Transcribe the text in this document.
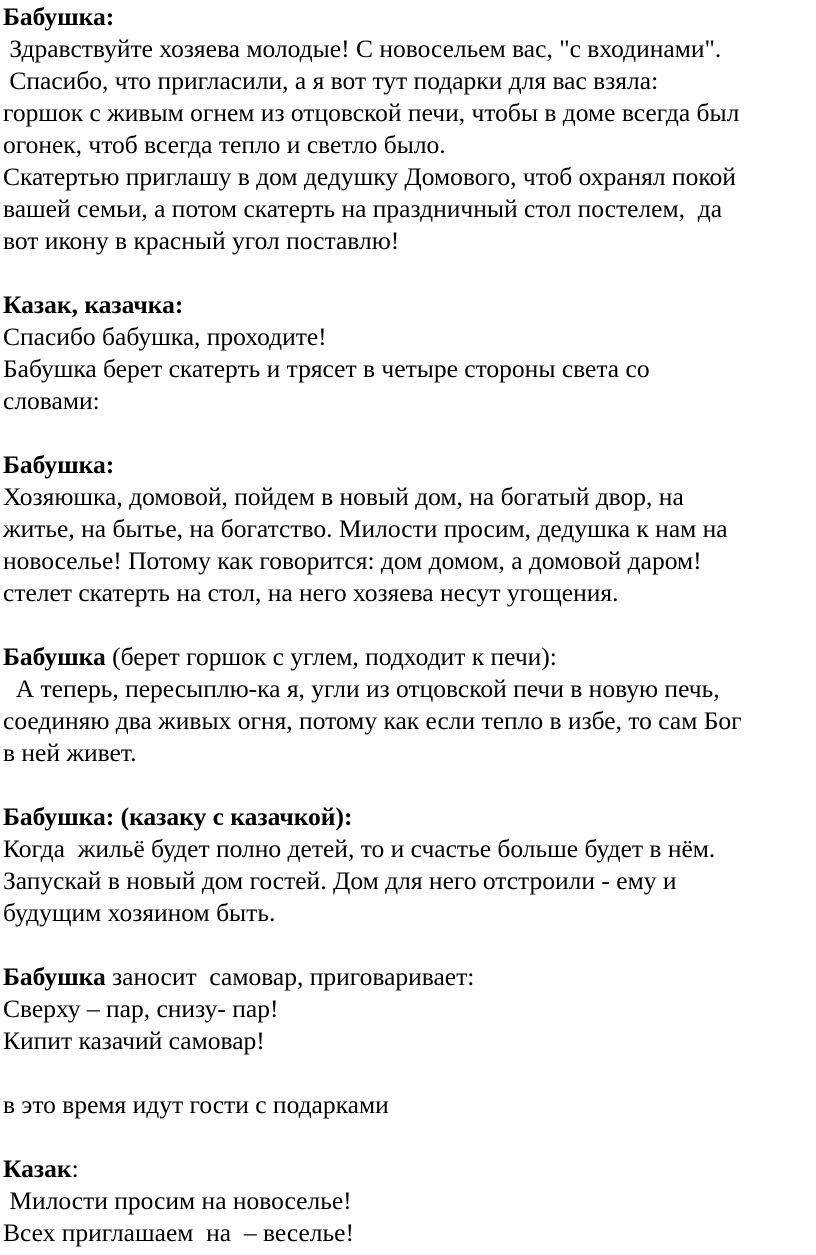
Бабушка:
Здравствуйте хозяева молодые! С новосельем вас, "с входинами".
Спасибо, что пригласили, а я вот тут подарки для вас взяла:
горшок с живым огнем из отцовской печи, чтобы в доме всегда был
огонек, чтоб всегда тепло и светло было.
Скатертью приглашу в дом дедушку Домового, чтоб охранял покой
вашей семьи, а потом скатерть на праздничный стол постелем,  да
вот икону в красный угол поставлю!
Казак, казачка:
Спасибо бабушка, проходите!
Бабушка берет скатерть и трясет в четыре стороны света со
словами:
Бабушка:
Хозяюшка, домовой, пойдем в новый дом, на богатый двор, на
житье, на бытье, на богатство. Милости просим, дедушка к нам на
новоселье! Потому как говорится: дом домом, а домовой даром!
стелет скатерть на стол, на него хозяева несут угощения.
Бабушка (берет горшок с углем, подходит к печи):
А теперь, пересыплю-ка я, угли из отцовской печи в новую печь,
соединяю два живых огня, потому как если тепло в избе, то сам Бог
в ней живет.
Бабушка: (казаку с казачкой):
Когда  жильё будет полно детей, то и счастье больше будет в нём.
Запускай в новый дом гостей. Дом для него отстроили - ему и
будущим хозяином быть.
Бабушка заносит  самовар, приговаривает:
Сверху – пар, снизу- пар!
Кипит казачий самовар!
в это время идут гости с подарками
Казак:
Милости просим на новоселье!
Всех приглашаем  на  – веселье!
